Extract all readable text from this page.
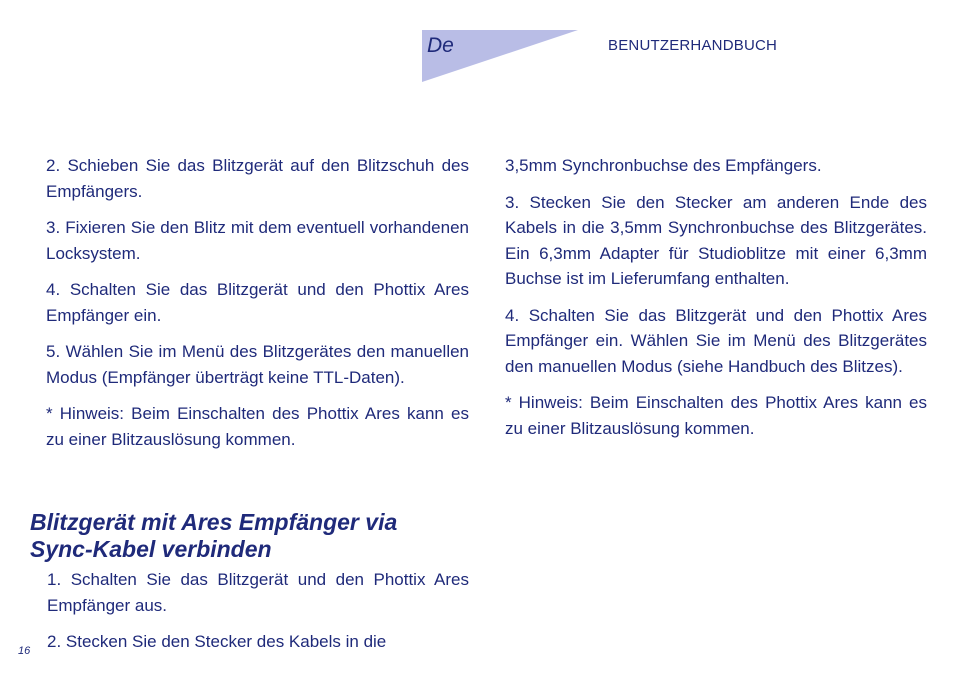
De	BENUTZERHANDBUCH

2. Schieben Sie das Blitzgerät auf den Blitzschuh des Empfängers.

3. Fixieren Sie den Blitz mit dem eventuell vorhandenen Locksystem.

4. Schalten Sie das Blitzgerät und den Phottix Ares Empfänger ein.

5. Wählen Sie im Menü des Blitzgerätes den manuellen Modus (Empfänger überträgt keine TTL-Daten).

* Hinweis: Beim Einschalten des Phottix Ares kann es zu einer Blitzauslösung kommen.

Blitzgerät mit Ares Empfänger via
Sync-Kabel verbinden

1. Schalten Sie das Blitzgerät und den Phottix Ares Empfänger aus.

2. Stecken Sie den Stecker des Kabels in die

3,5mm Synchronbuchse des Empfängers.

3. Stecken Sie den Stecker am anderen Ende des Kabels in die 3,5mm Synchronbuchse des Blitzgerätes. Ein 6,3mm Adapter für Studioblitze mit einer 6,3mm Buchse ist im Lieferumfang enthalten.

4. Schalten Sie das Blitzgerät und den Phottix Ares Empfänger ein. Wählen Sie im Menü des Blitzgerätes den manuellen Modus (siehe Handbuch des Blitzes).

* Hinweis: Beim Einschalten des Phottix Ares kann es zu einer Blitzauslösung kommen.

16
